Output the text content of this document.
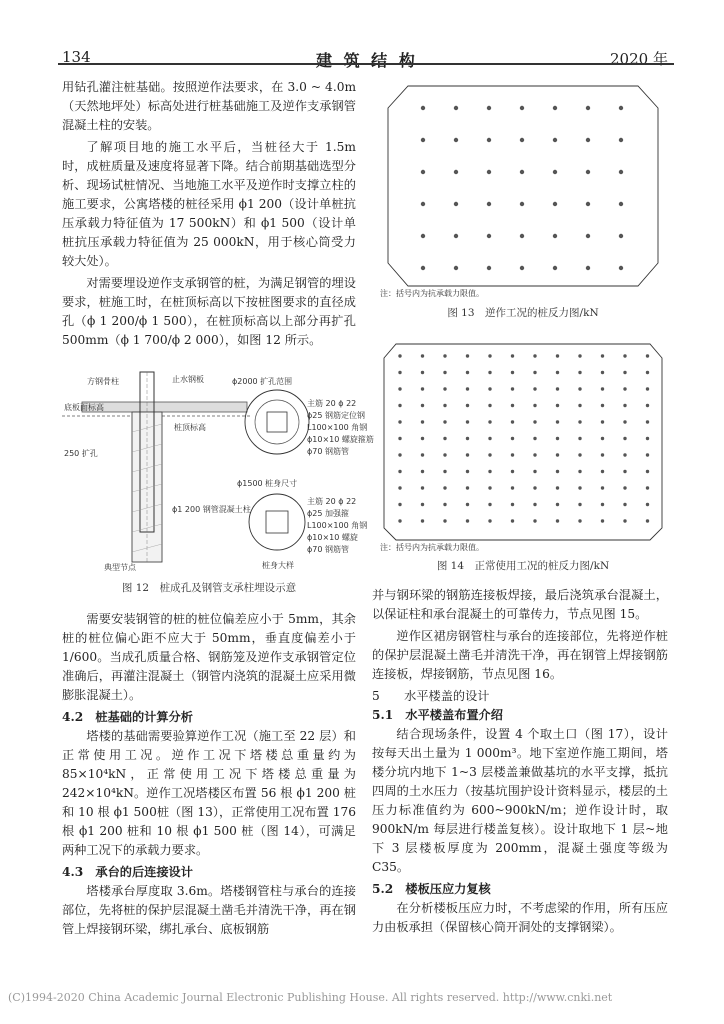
134	建 筑 结 构	2020 年

用钻孔灌注桩基础。按照逆作法要求，在 3.0 ~ 4.0m（天然地坪处）标高处进行桩基础施工及逆作支承钢管混凝土柱的安装。

了解项目地的施工水平后，当桩径大于 1.5m 时，成桩质量及速度将显著下降。结合前期基础选型分析、现场试桩情况、当地施工水平及逆作时支撑立柱的施工要求，公寓塔楼的桩径采用 ϕ1 200（设计单桩抗压承载力特征值为 17 500kN）和 ϕ1 500（设计单桩抗压承载力特征值为 25 000kN，用于核心筒受力较大处）。

对需要埋设逆作支承钢管的桩，为满足钢管的埋设要求，桩施工时，在桩顶标高以下按桩图要求的直径成孔（ϕ 1 200/ϕ 1 500），在桩顶标高以上部分再扩孔 500mm（ϕ 1 700/ϕ 2 000），如图 12 所示。

方钢骨柱	止水钢板
底板面标高
桩顶标高
250 扩孔
典型节点
ϕ2000 扩孔范围
主筋 20 ϕ 22
ϕ25 钢筋定位钢
L100×100 角钢
ϕ10×10 螺旋箍筋
ϕ70 钢筋管
ϕ1500 桩身尺寸
主筋 20 ϕ 22
ϕ25 加强箍
L100×100 角钢
ϕ10×10 螺旋
ϕ70 钢筋管
桩身大样
ϕ1 200 钢管混凝土柱
图 12　桩成孔及钢管支承柱埋设示意

需要安装钢管的桩的桩位偏差应小于 5mm，其余桩的桩位偏心距不应大于 50mm，垂直度偏差小于 1/600。当成孔质量合格、钢筋笼及逆作支承钢管定位准确后，再灌注混凝土（钢管内浇筑的混凝土应采用微膨胀混凝土）。

4.2　桩基础的计算分析

塔楼的基础需要验算逆作工况（施工至 22 层）和正常使用工况。逆作工况下塔楼总重量约为 85×10⁴kN，正常使用工况下塔楼总重量为 242×10⁴kN。逆作工况塔楼区布置 56 根 ϕ1 200 桩和 10 根 ϕ1 500桩（图 13），正常使用工况布置 176 根 ϕ1 200 桩和 10 根 ϕ1 500 桩（图 14），可满足两种工况下的承载力要求。

4.3　承台的后连接设计

塔楼承台厚度取 3.6m。塔楼钢管柱与承台的连接部位，先将桩的保护层混凝土凿毛并清洗干净，再在钢管上焊接钢环梁，绑扎承台、底板钢筋

注：括号内为抗承载力限值。
图 13　逆作工况的桩反力图/kN
注：括号内为抗承载力限值。
图 14　正常使用工况的桩反力图/kN

并与钢环梁的钢筋连接板焊接，最后浇筑承台混凝土，以保证柱和承台混凝土的可靠传力，节点见图 15。

逆作区裙房钢管柱与承台的连接部位，先将逆作桩的保护层混凝土凿毛并清洗干净，再在钢管上焊接钢筋连接板，焊接钢筋，节点见图 16。

5　　水平楼盖的设计
5.1　水平楼盖布置介绍

结合现场条件，设置 4 个取土口（图 17），设计按每天出土量为 1 000m³。地下室逆作施工期间，塔楼分坑内地下 1~3 层楼盖兼做基坑的水平支撑，抵抗四周的土水压力（按基坑围护设计资料显示，楼层的土压力标准值约为 600~900kN/m；逆作设计时，取 900kN/m 每层进行楼盖复核）。设计取地下 1 层~地下 3 层楼板厚度为 200mm，混凝土强度等级为 C35。

5.2　楼板压应力复核

在分析楼板压应力时，不考虑梁的作用，所有压应力由板承担（保留核心筒开洞处的支撑钢梁）。

(C)1994-2020 China Academic Journal Electronic Publishing House. All rights reserved. http://www.cnki.net
